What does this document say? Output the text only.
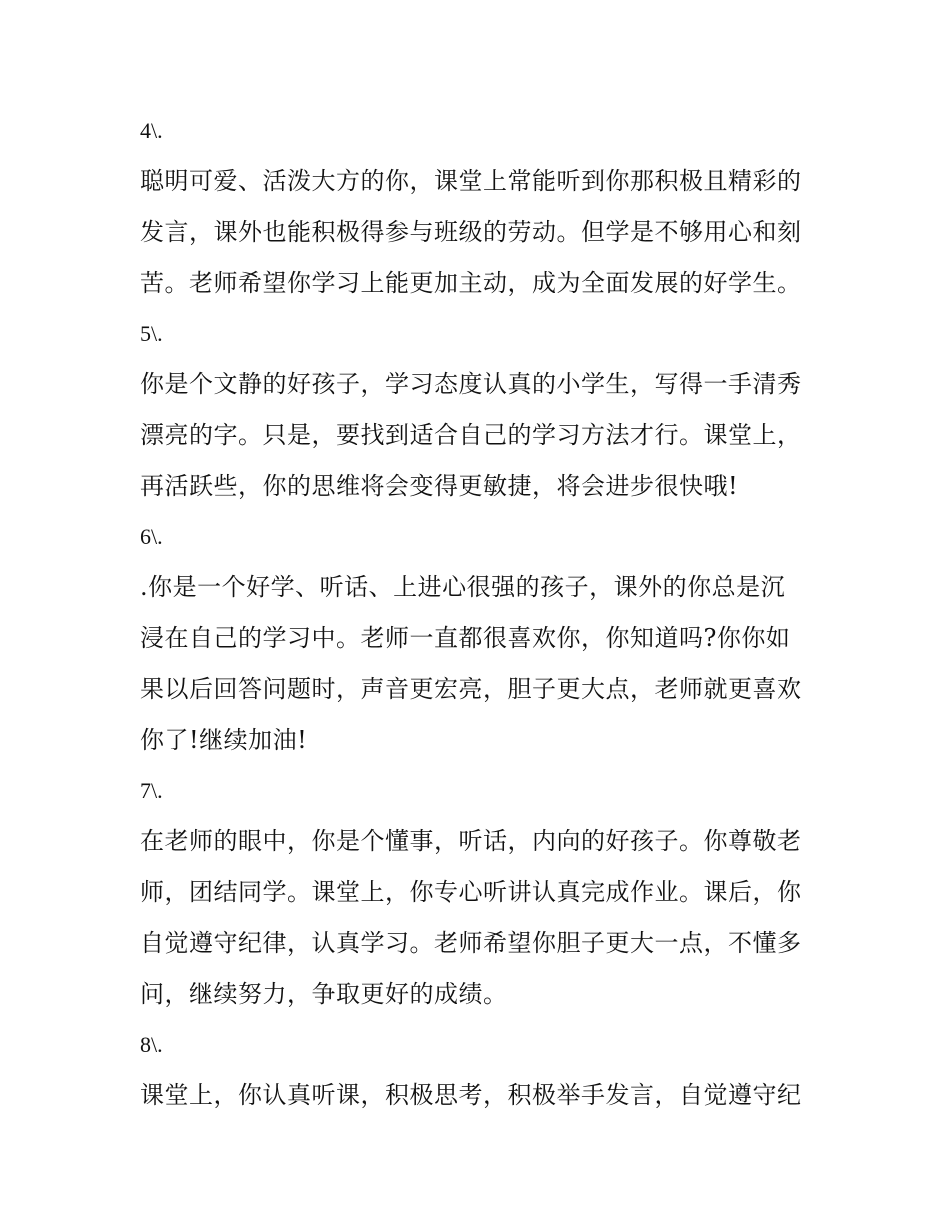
4\.

聪明可爱、活泼大方的你，课堂上常能听到你那积极且精彩的

发言，课外也能积极得参与班级的劳动。但学是不够用心和刻

苦。老师希望你学习上能更加主动，成为全面发展的好学生。

5\.

你是个文静的好孩子，学习态度认真的小学生，写得一手清秀

漂亮的字。只是，要找到适合自己的学习方法才行。课堂上，

再活跃些，你的思维将会变得更敏捷，将会进步很快哦!

6\.

.你是一个好学、听话、上进心很强的孩子，课外的你总是沉

浸在自己的学习中。老师一直都很喜欢你，你知道吗?你你如

果以后回答问题时，声音更宏亮，胆子更大点，老师就更喜欢

你了!继续加油!

7\.

在老师的眼中，你是个懂事，听话，内向的好孩子。你尊敬老

师，团结同学。课堂上，你专心听讲认真完成作业。课后，你

自觉遵守纪律，认真学习。老师希望你胆子更大一点，不懂多

问，继续努力，争取更好的成绩。

8\.

课堂上，你认真听课，积极思考，积极举手发言，自觉遵守纪
